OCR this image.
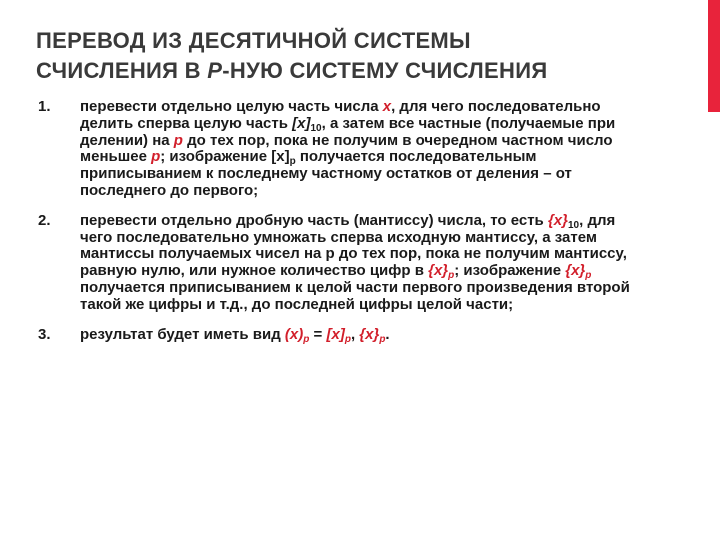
ПЕРЕВОД ИЗ ДЕСЯТИЧНОЙ СИСТЕМЫ
СЧИСЛЕНИЯ В P-НУЮ СИСТЕМУ СЧИСЛЕНИЯ
1. перевести отдельно целую часть числа x, для чего последовательно делить сперва целую часть $[x]_{10}$, а затем все частные (получаемые при делении) на p до тех пор, пока не получим в очередном частном число меньшее p; изображение $[x]_p$ получается последовательным приписыванием к последнему частному остатков от деления – от последнего до первого;
2. перевести отдельно дробную часть (мантиссу) числа, то есть $\{x\}_{10}$, для чего последовательно умножать сперва исходную мантиссу, а затем мантиссы получаемых чисел на р до тех пор, пока не получим мантиссу, равную нулю, или нужное количество цифр в $\{x\}_p$; изображение $\{x\}_p$ получается приписыванием к целой части первого произведения второй такой же цифры и т.д., до последней цифры целой части;
3. результат будет иметь вид $(x)_р = [x]_р$, $\{x\}_р$.
